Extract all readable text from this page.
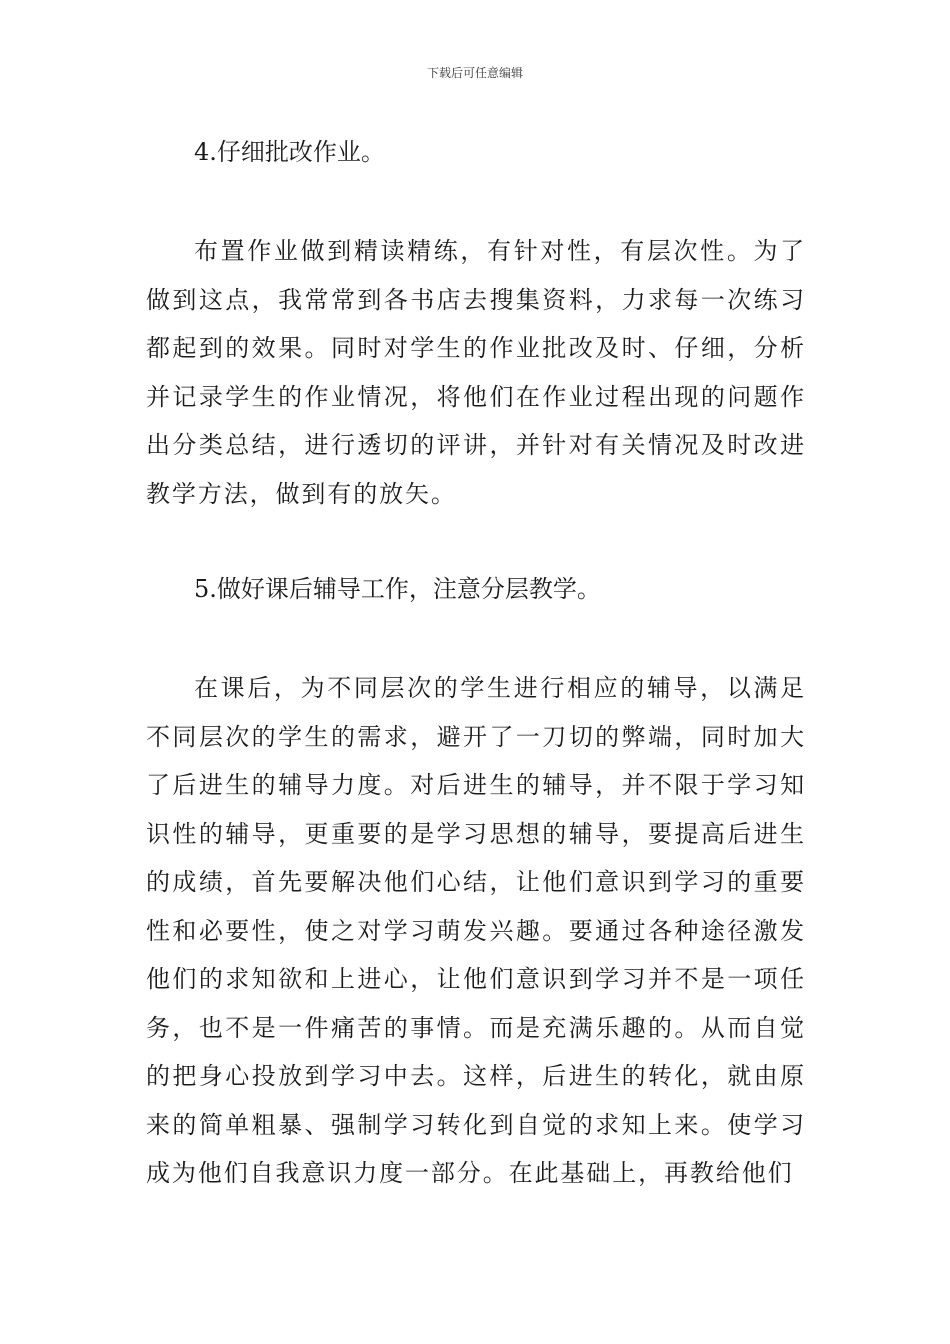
下载后可任意编辑

4.仔细批改作业。

布置作业做到精读精练，有针对性，有层次性。为了做到这点，我常常到各书店去搜集资料，力求每一次练习都起到的效果。同时对学生的作业批改及时、仔细，分析并记录学生的作业情况，将他们在作业过程出现的问题作出分类总结，进行透切的评讲，并针对有关情况及时改进教学方法，做到有的放矢。

5.做好课后辅导工作，注意分层教学。

在课后，为不同层次的学生进行相应的辅导，以满足不同层次的学生的需求，避开了一刀切的弊端，同时加大了后进生的辅导力度。对后进生的辅导，并不限于学习知识性的辅导，更重要的是学习思想的辅导，要提高后进生的成绩，首先要解决他们心结，让他们意识到学习的重要性和必要性，使之对学习萌发兴趣。要通过各种途径激发他们的求知欲和上进心，让他们意识到学习并不是一项任务，也不是一件痛苦的事情。而是充满乐趣的。从而自觉的把身心投放到学习中去。这样，后进生的转化，就由原来的简单粗暴、强制学习转化到自觉的求知上来。使学习成为他们自我意识力度一部分。在此基础上，再教给他们
